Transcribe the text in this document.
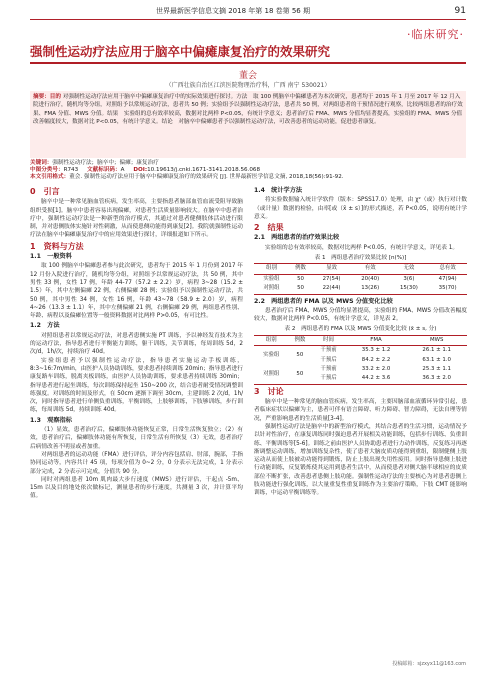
世界最新医学信息文摘 2018 年第 18 卷第 56 期	91
·临床研究·
强制性运动疗法应用于脑卒中偏瘫康复治疗的效果研究
董会
（广西壮族自治区江滨医院物理治疗科，广西 南宁 530021）
摘要：目的 对强制性运动疗法应用于脑卒中偏瘫康复治疗中的实际效果进行探讨。方法　取 100 例脑卒中偏瘫患者为本次研究，患者均于 2015 年 1 月至 2017 年 12 月入院进行治疗，随机均等分组，对照组予以常规运动疗法，患者共 50 例；实验组予以强制性运动疗法，患者共 50 例，对两组患者的干预情况进行观察，比较两组患者的治疗效果、FMA 分值、MWS 分值。结果　实验组的总有效率较高，数据对比两样 P<0.05，有统计学意义；患者治疗后 FMA、MWS 分值均显著提高，实验组的 FMA、MWS 分值改善幅度较大，数据对比 P<0.05，有统计学意义。结论　对脑卒中偏瘫患者予以强制性运动疗法，可改善患者的运动功能，促进患者康复。
关键词：强制性运动疗法；脑卒中；偏瘫；康复治疗
中图分类号：R743 文献标识码：A DOI:10.19613/j.cnki.1671-3141.2018.56.068
本文引用格式：董会. 强制性运动疗法应用于脑卒中偏瘫康复治疗的效果研究 [J]. 世界最新医学信息文摘, 2018,18(56):91-92.
0　引言
脑卒中是一种常见脑血管疾病，发生率高，主要指患者脑部血管血流受阻导致脑组织受损[1]。脑卒中患者容易出现偏瘫，对患者生活质量影响较大。在脑卒中患者治疗中，强制性运动疗法是一种新型的治疗模式，其通过对患者健侧肢体活动进行限制，并对患侧肢体实施针对性刺激，从而使患侧功能得到康复[2]。我院就强制性运动疗法在脑卒中偏瘫康复治疗中的应用效果进行探讨，详细报道如下所示。
1　资料与方法
1.1　一般资料
取 100 例脑卒中偏瘫患者参与此次研究，患者均于 2015 年 1 月份到 2017 年 12 月份入院进行治疗，随机均等分组，对照组予以常规运动疗法，共 50 例，其中男性 33 例，女性 17 例，年龄 44-77（57.2 ± 2.2）岁，病程 3~28（15.2 ± 1.5）年，其中左侧偏瘫 22 例，右侧偏瘫 28 例；实验组予以强制性运动疗法，共 50 例，其中男性 34 例，女性 16 例，年龄 43~78（58.9 ± 2.0）岁，病程 4~26（13.3 ± 1.1）年，其中左侧偏瘫 21 例，右侧偏瘫 29 例，两组患者性别、年龄、病程以及偏瘫位置等一般资料数据对比两样 P>0.05，有可比性。
1.2　方法
对照组患者以常规运动疗法，对患者患侧实施 PT 训练，予以神经发育技术为主的运动疗法，指导患者进行平衡能力训练，躯干训练，关节训练，每周训练 5d，2 次/d，1h/次，持续治疗 40d。
实验组患者予以强制性运动疗法，指导患者实施运动手板训练，8:3~16:7m/min，由医护人员协助训练，要求患者持续训练 20min；指导患者进行康复路车训练，脱离夹板训练，由医护人员协助训练，要求患者持续训练 30min；指导患者进行起坐训练，每次训练保持起坐 150~200 次，结合患者耐受情况调整训练强度。对训练的时间及形式，在 50cm 逐渐下调至 30cm，主建训练 2 次/d，1h/次，同时指导患者进行单侧负重训练，平衡训练，上肢够训练，下肢够训练，步行训练，每周训练 5d，持续训练 40d。
1.3　观察指标
（1）显效，患者治疗后，偏瘫肢体功能恢复正常，日常生活恢复独立；（2）有效，患者治疗后，偏瘫肢体功能有所恢复，日常生活有所恢复（3）无效，患者治疗后病情改善不明显或者加重。
对两组患者的运动功能（FMA）进行评估，评分内容包括肩、肘部，腕部，手指协同运动等，内容共计 45 项，每项分值为 0~2 分，0 分表示无法完成，1 分表示部分完成，2 分表示可完成，分值共 90 分。
同时对两组患者 10m 肌肉最大步行速度（MWS）进行评估，干起点 -5m、15m 以及目的地处依次做标记，测量患者的步行速度，共测量 3 次，并计算平均值。
1.4　统计学方法
将实验数据输入统计学软件（版本：SPSS17.0）处理，由 χ²（或）执行对计数（或计量）数据的检验，由率[或（x̄ ± s）]的形式描述，若 P<0.05，说明有统计学意义。
2　结果
2.1　两组患者的治疗效果比较
实验组的总有效率较高，数据对比两样 P<0.05，有统计学意义，详见表 1。
表 1　两组患者治疗效果比较 [n(%)]
组别	例数	显效	有效	无效	总有效
实验组	50	27(54)	20(40)	3(6)	47(94)
对照组	50	22(44)	13(26)	15(30)	35(70)
2.2　两组患者的 FMA 以及 MWS 分值变化比较
患者治疗后 FMA、MWS 分值均显著提高，实验组的 FMA、MWS 分值改善幅度较大，数据对比两样 P<0.05，有统计学意义，详见表 2。
表 2　两组患者的 FMA 以及 MWS 分值变化比较 (x̄ ± s, 分)
组别	例数	时间	FMA	MWS
实验组	50	干预前	35.3 ± 1.2	26.1 ± 1.1
		干预后	84.2 ± 2.2	63.1 ± 1.0
对照组	50	干预前	33.2 ± 2.0	25.3 ± 1.1
		干预后	44.2 ± 3.6	36.3 ± 2.0
3　讨论
脑卒中是一种常见的脑血管疾病，发生率高，主要因脑部血液循环异常引起，患者临床症状以偏瘫为主，患者可伴有语言障碍、听力障碍、智力障碍，无法自理等情况，严重影响患者的生活质量[3-4]。
强制性运动疗法是脑卒中的新型治疗模式，其结合患者的生活习惯，运动情况予以针对性治疗，在康复训练同时强迫患者开展相关功能训练，包括步行训练、负重训练、平衡训练等[5-6]。训练之前由医护人员协助患者进行力动作训练，反复练习再逐渐调整运动训练，增加训练复杂性，使了患者大脑皮质功能得到重组，限制健侧上肢运动从而使上肢被动功能得到锻炼，防止上肢出现失用性废用。同时指导患侧上肢进行动能训练，反复锻炼使其运用到患者生活中，从而使患者对侧大脑半球相应的皮质部位不断扩张，改善患者患侧上肢功能。强制性运动疗法的主要核心为对患者患侧上肢功能进行强化训练，以大量重复性重复训练作为主要治疗策略，下肢 CMT 能影响训练，中运动平衡训练等。
投稿邮箱：sjzxyx11@163.com
